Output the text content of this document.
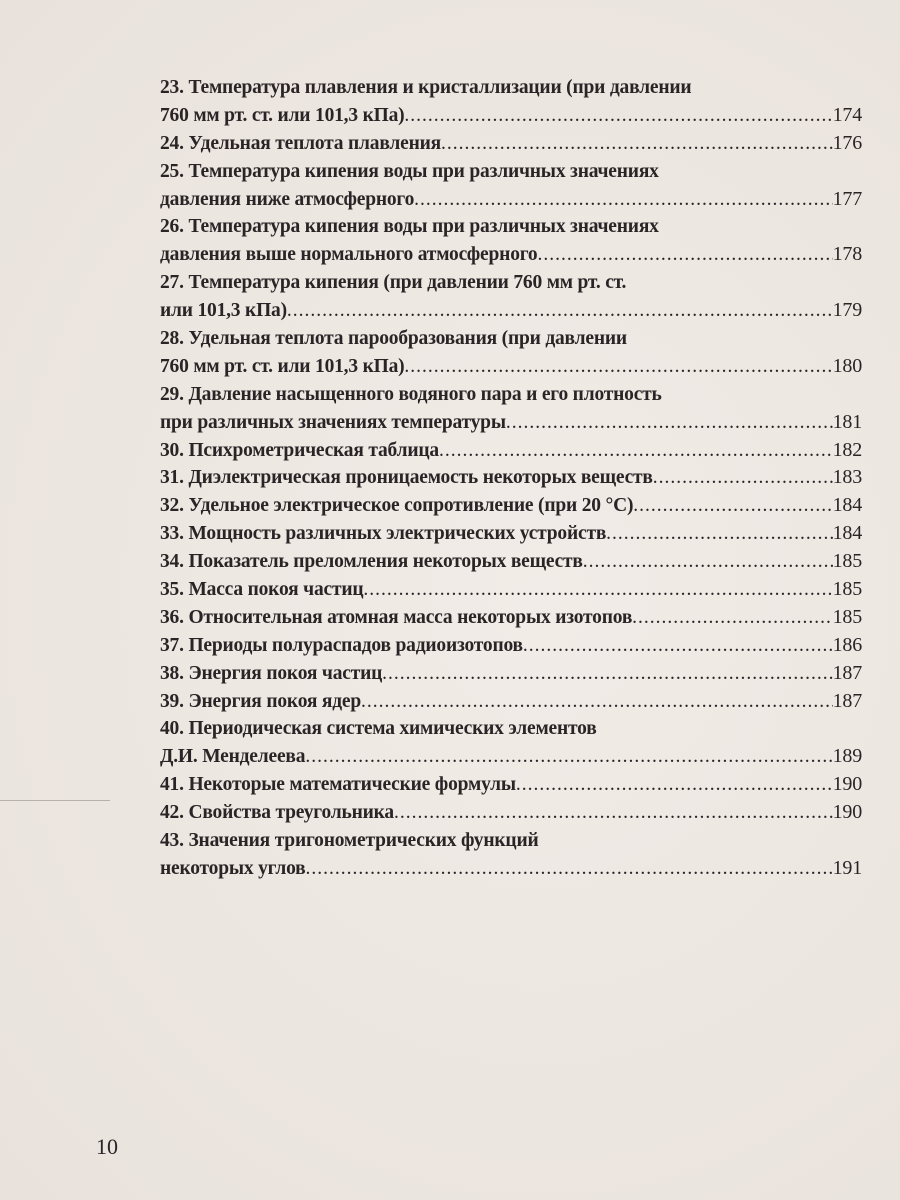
23. Температура плавления и кристаллизации (при давлении
760 мм рт. ст. или 101,3 кПа) .....	174
24. Удельная теплота плавления .....	176
25. Температура кипения воды при различных значениях
давления ниже атмосферного .....	177
26. Температура кипения воды при различных значениях
давления выше нормального атмосферного .....	178
27. Температура кипения (при давлении 760 мм рт. ст.
или 101,3 кПа) .....	179
28. Удельная теплота парообразования (при давлении
760 мм рт. ст. или 101,3 кПа) .....	180
29. Давление насыщенного водяного пара и его плотность
при различных значениях температуры .....	181
30. Психрометрическая таблица .....	182
31. Диэлектрическая проницаемость некоторых веществ .....	183
32. Удельное электрическое сопротивление (при 20 °С) .....	184
33. Мощность различных электрических устройств .....	184
34. Показатель преломления некоторых веществ .....	185
35. Масса покоя частиц .....	185
36. Относительная атомная масса некоторых изотопов .....	185
37. Периоды полураспадов радиоизотопов .....	186
38. Энергия покоя частиц .....	187
39. Энергия покоя ядер .....	187
40. Периодическая система химических элементов
Д.И. Менделеева .....	189
41. Некоторые математические формулы .....	190
42. Свойства треугольника .....	190
43. Значения тригонометрических функций
некоторых углов .....	191
10
